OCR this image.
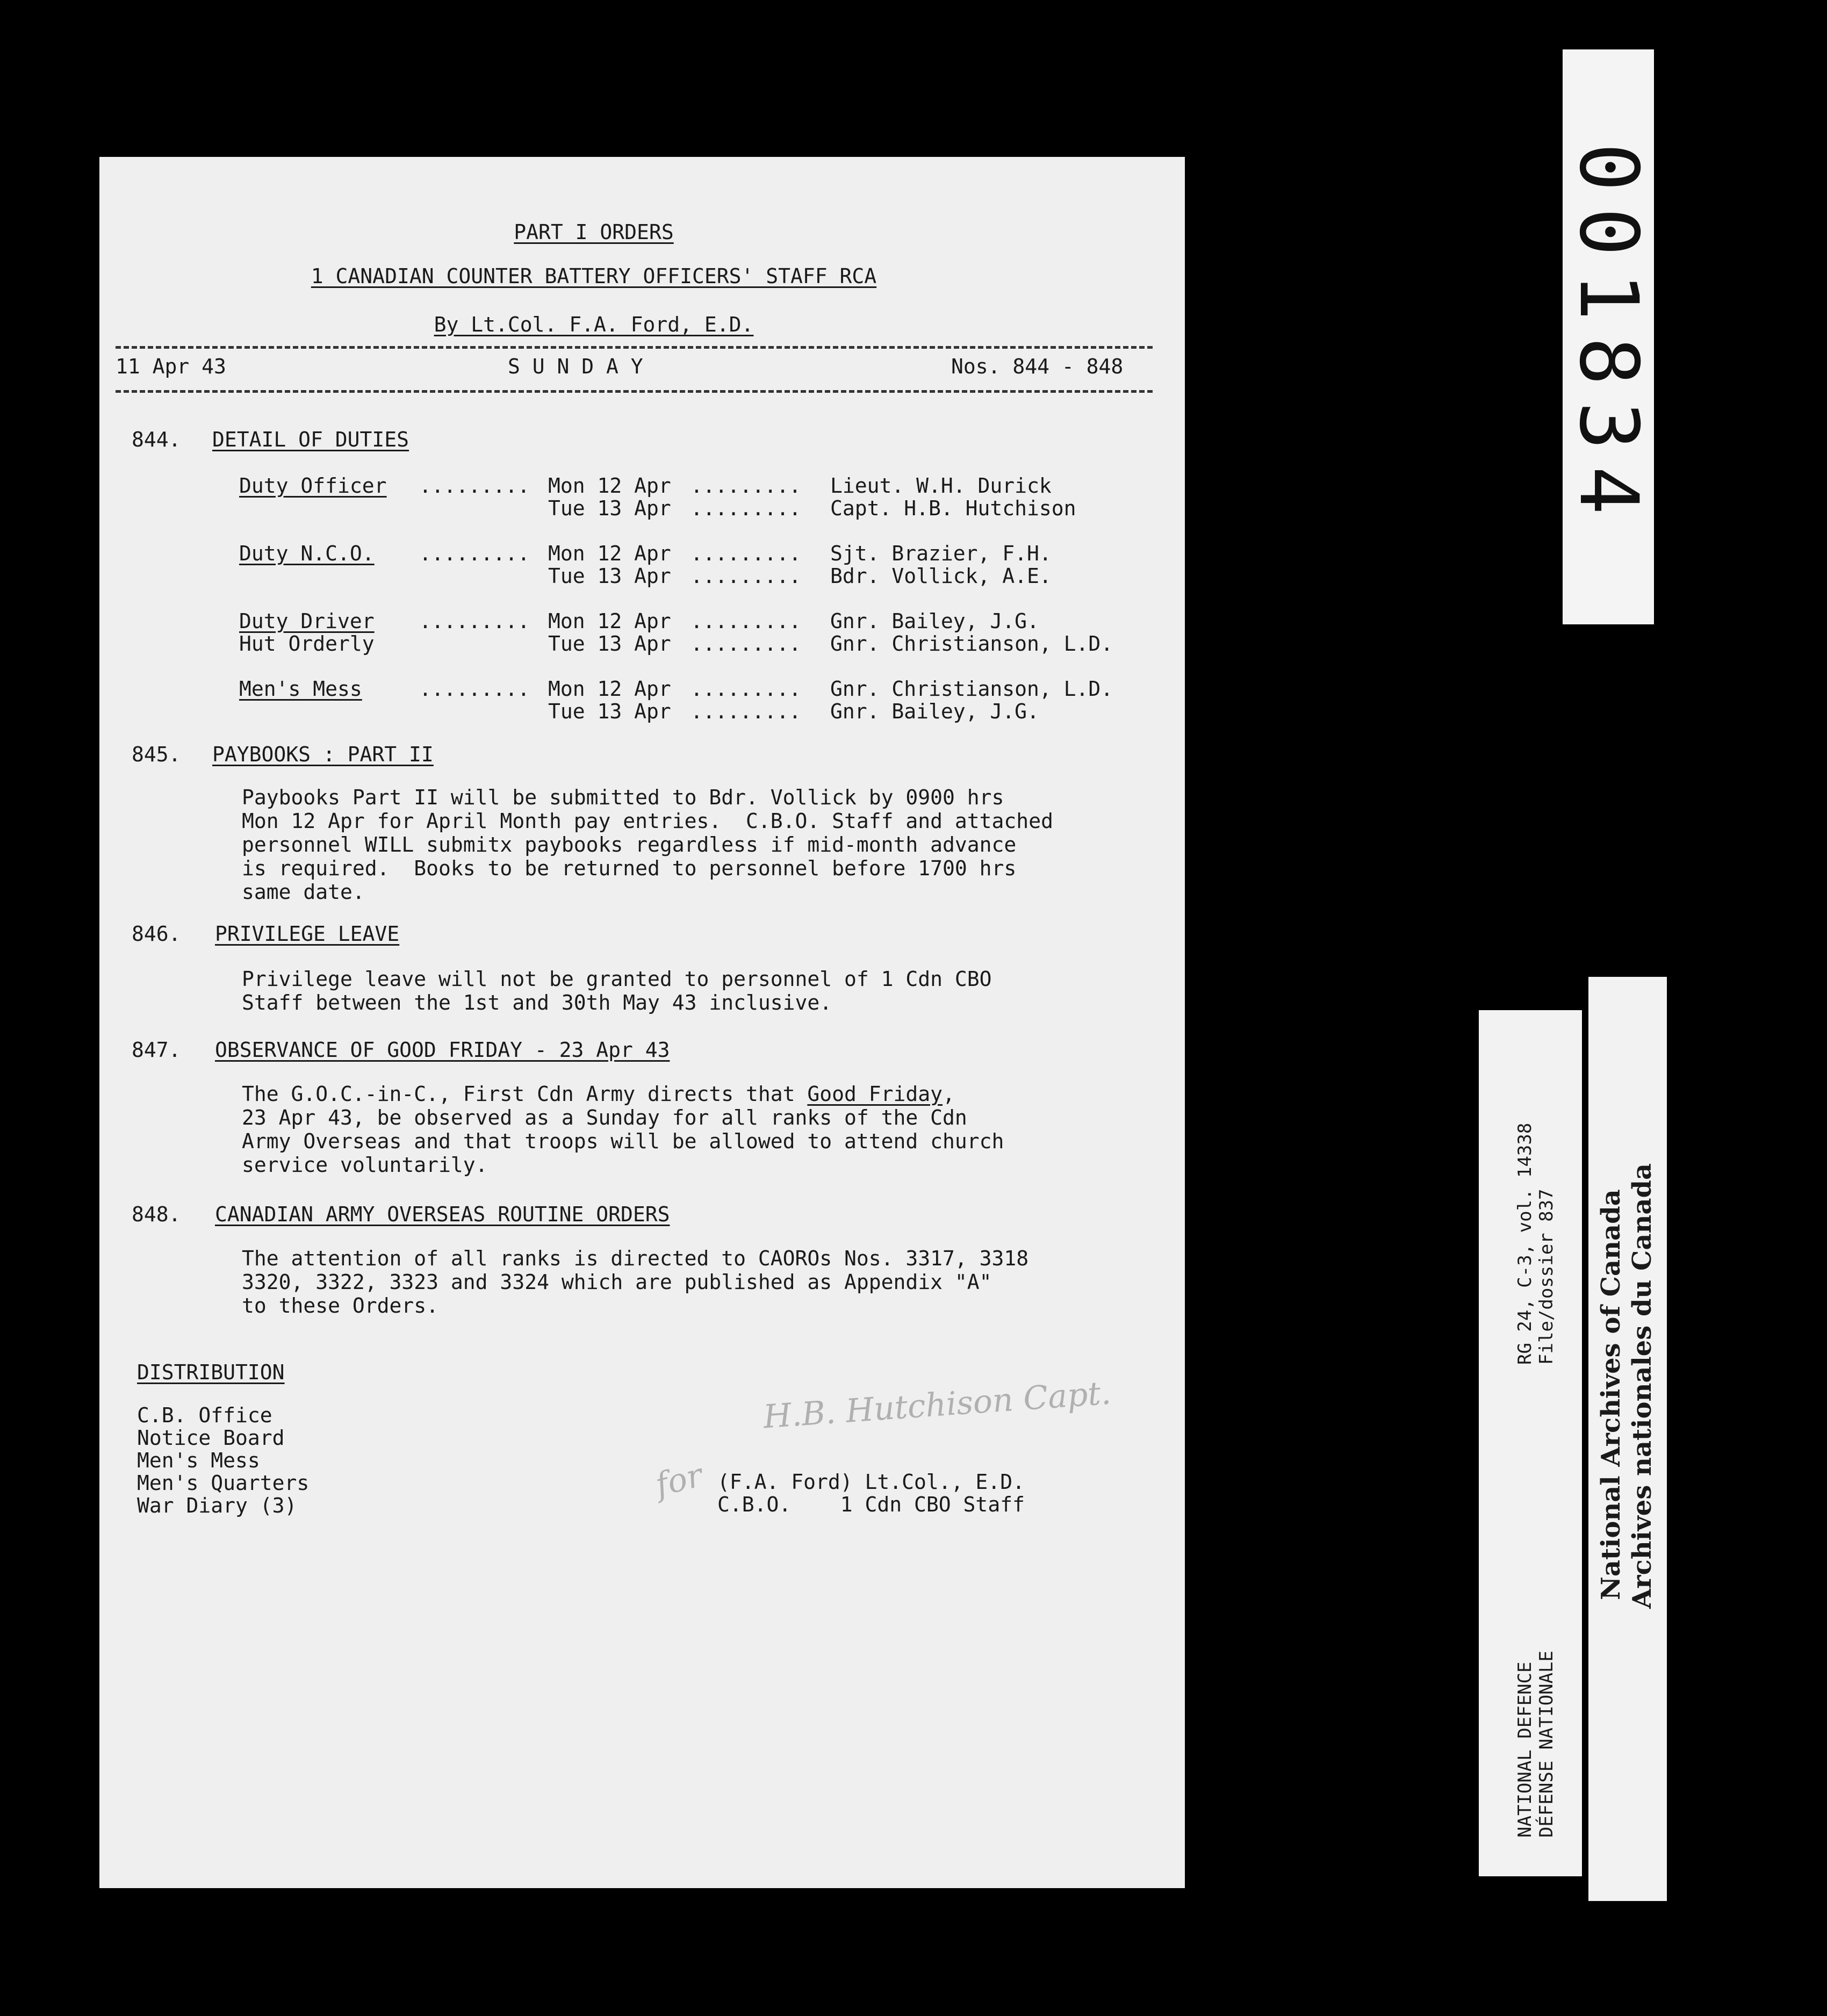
PART I ORDERS
1 CANADIAN COUNTER BATTERY OFFICERS' STAFF RCA
By Lt.Col. F.A. Ford, E.D.
11 Apr 43	S U N D A Y	Nos. 844 - 848
844. DETAIL OF DUTIES
Duty Officer ......... Mon 12 Apr ......... Lieut. W.H. Durick
Tue 13 Apr ......... Capt. H.B. Hutchison
Duty N.C.O. ......... Mon 12 Apr ......... Sjt. Brazier, F.H.
Tue 13 Apr ......... Bdr. Vollick, A.E.
Duty Driver ......... Mon 12 Apr ......... Gnr. Bailey, J.G.
Hut Orderly	Tue 13 Apr ......... Gnr. Christianson, L.D.
Men's Mess	......... Mon 12 Apr ......... Gnr. Christianson, L.D.
Tue 13 Apr ......... Gnr. Bailey, J.G.
845. PAYBOOKS : PART II
Paybooks Part II will be submitted to Bdr. Vollick by 0900 hrs
Mon 12 Apr for April Month pay entries.  C.B.O. Staff and attached
personnel WILL submitx paybooks regardless if mid-month advance
is required.  Books to be returned to personnel before 1700 hrs
same date.
846. PRIVILEGE LEAVE
Privilege leave will not be granted to personnel of 1 Cdn CBO
Staff between the 1st and 30th May 43 inclusive.
847. OBSERVANCE OF GOOD FRIDAY - 23 Apr 43
The G.O.C.-in-C., First Cdn Army directs that Good Friday,
23 Apr 43, be observed as a Sunday for all ranks of the Cdn
Army Overseas and that troops will be allowed to attend church
service voluntarily.
848. CANADIAN ARMY OVERSEAS ROUTINE ORDERS
The attention of all ranks is directed to CAOROs Nos. 3317, 3318
3320, 3322, 3323 and 3324 which are published as Appendix "A"
to these Orders.
DISTRIBUTION
C.B. Office
Notice Board
Men's Mess
Men's Quarters
War Diary (3)
(F.A. Ford) Lt.Col., E.D.
C.B.O.    1 Cdn CBO Staff
H.B. Hutchison Capt.
for
001834
RG 24, C-3, vol. 14338 File/dossier 837
NATIONAL DEFENCE DÉFENSE NATIONALE
National Archives of Canada Archives nationales du Canada
